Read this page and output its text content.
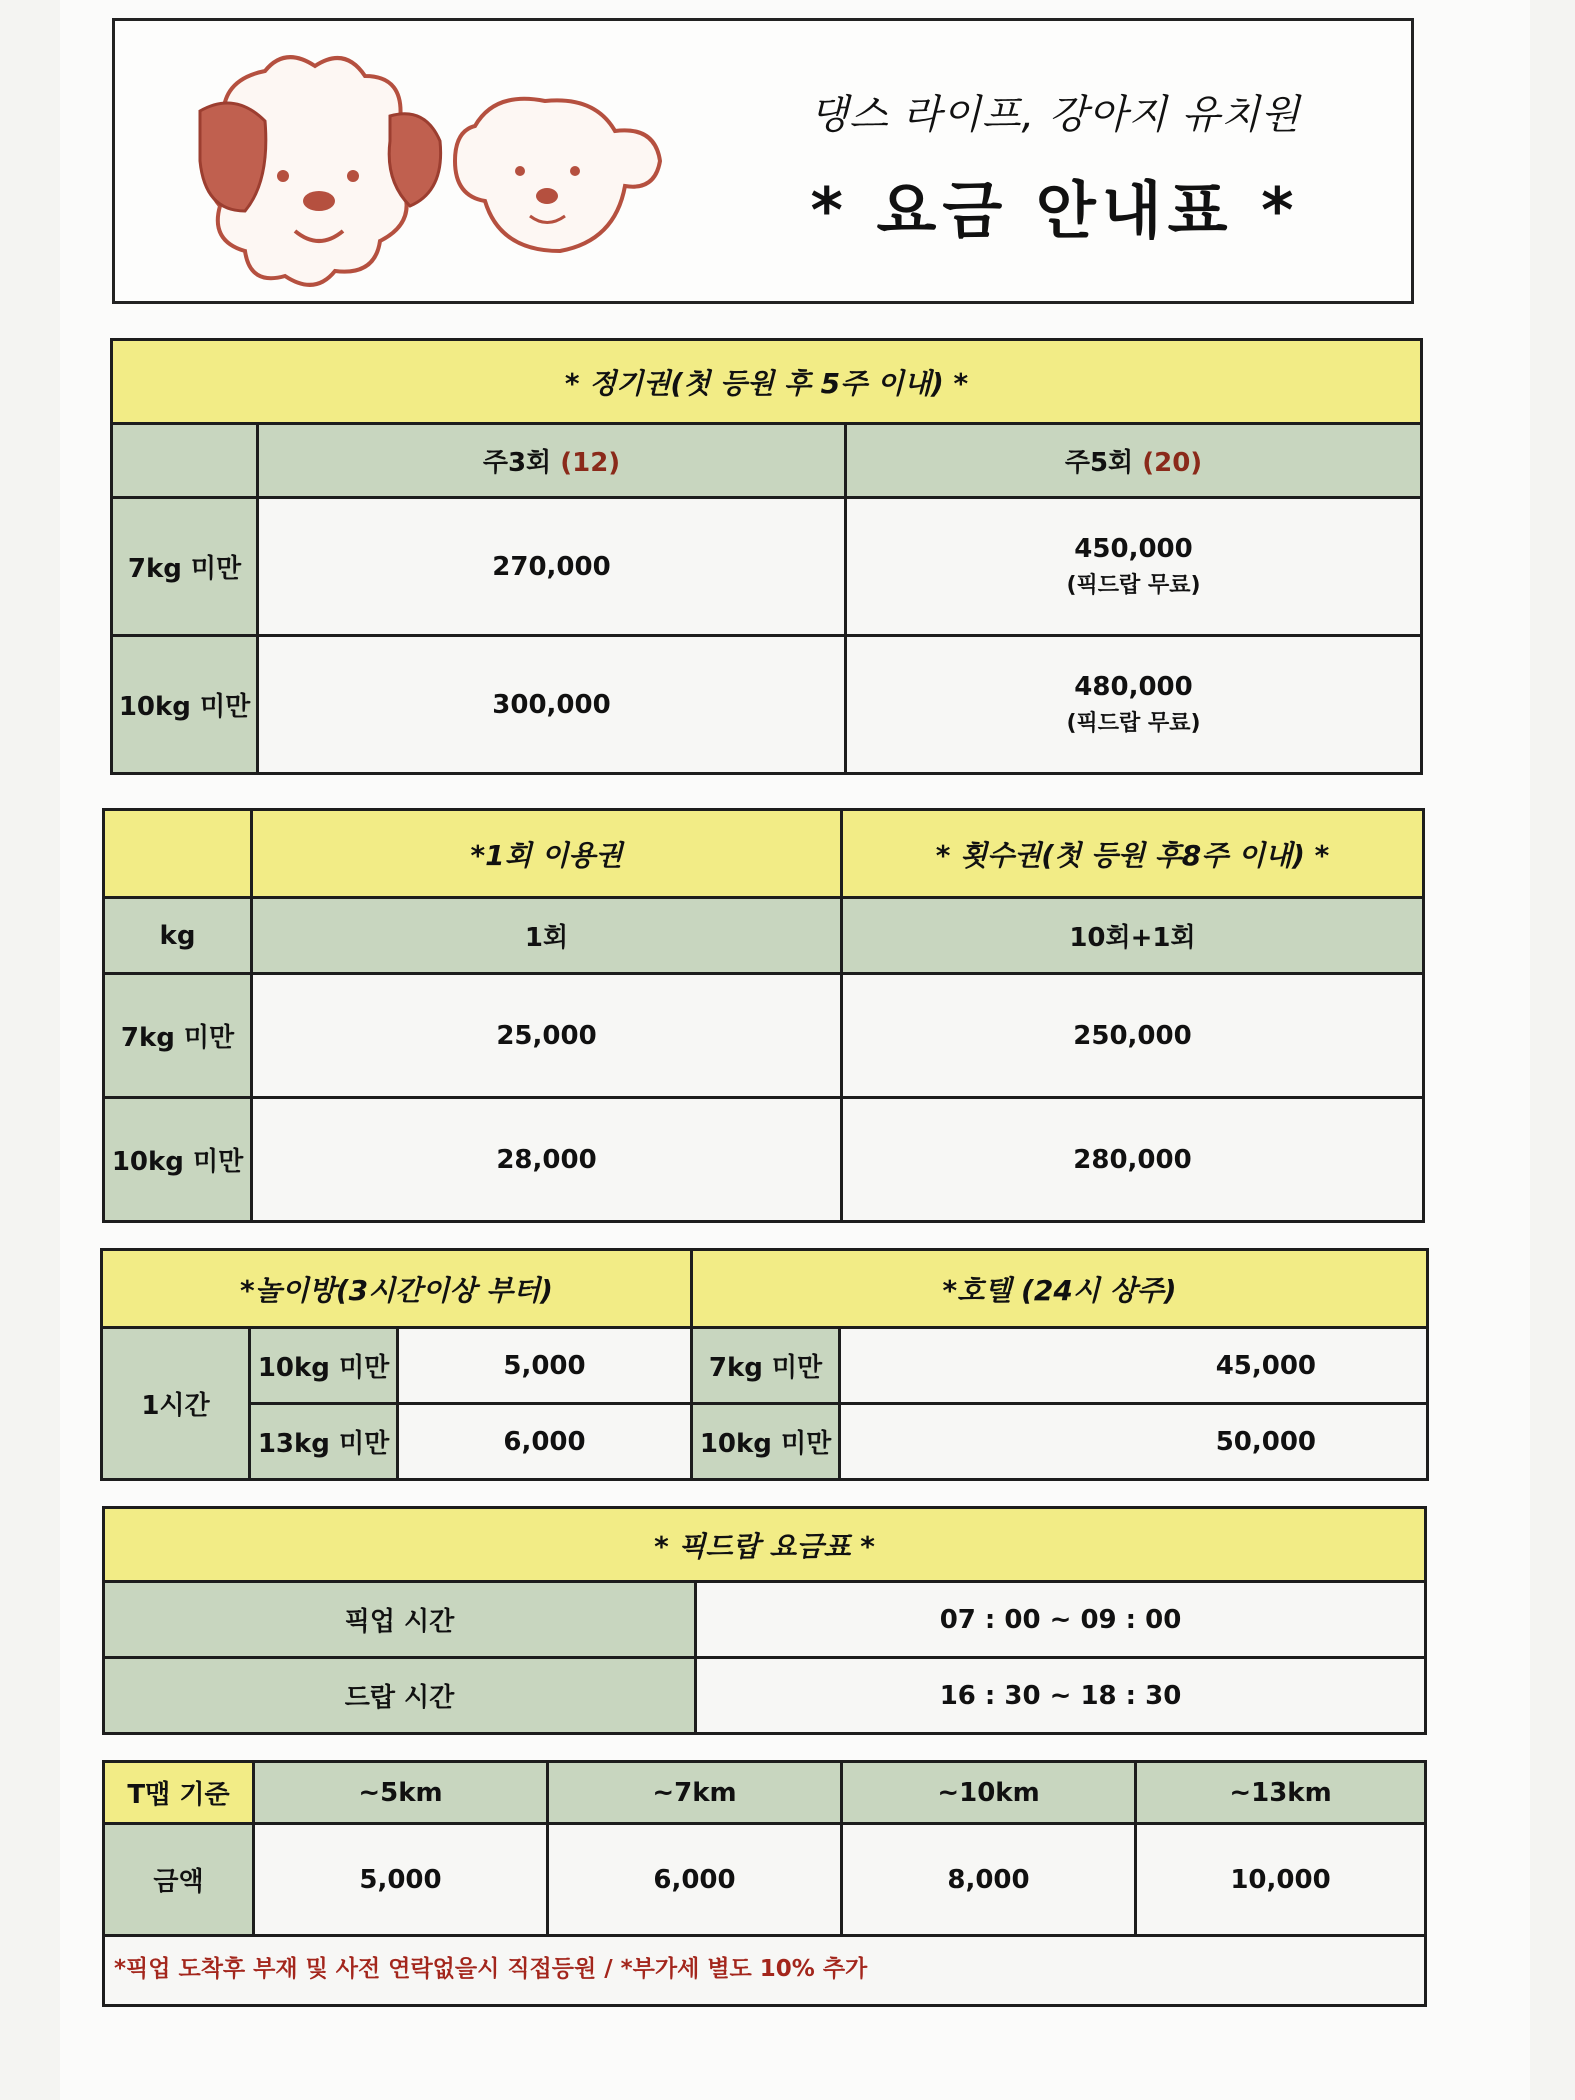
댕스 라이프, 강아지 유치원
* 요금 안내표 *
* 정기권(첫 등원 후 5주 이내) *		
	주3회 (12)	주5회 (20)
7kg 미만	270,000	450,000
(픽드랍 무료)

10kg 미만	300,000	480,000
(픽드랍 무료)
	*1회 이용권	* 횟수권(첫 등원 후8주 이내) *
kg	1회	10회+1회
7kg 미만	25,000	250,000
10kg 미만	28,000	280,000
*놀이방(3시간이상 부터)			*호텔 (24시 상주)	
1시간	10kg 미만	5,000	7kg 미만	45,000
	13kg 미만	6,000	10kg 미만	50,000
* 픽드랍 요금표 *	
픽업 시간	07 : 00 ~ 09 : 00
드랍 시간	16 : 30 ~ 18 : 30
T맵 기준	~5km	~7km	~10km	~13km
금액	5,000	6,000	8,000	10,000

*픽업 도착후 부재 및 사전 연락없을시 직접등원 / *부가세 별도 10% 추가
